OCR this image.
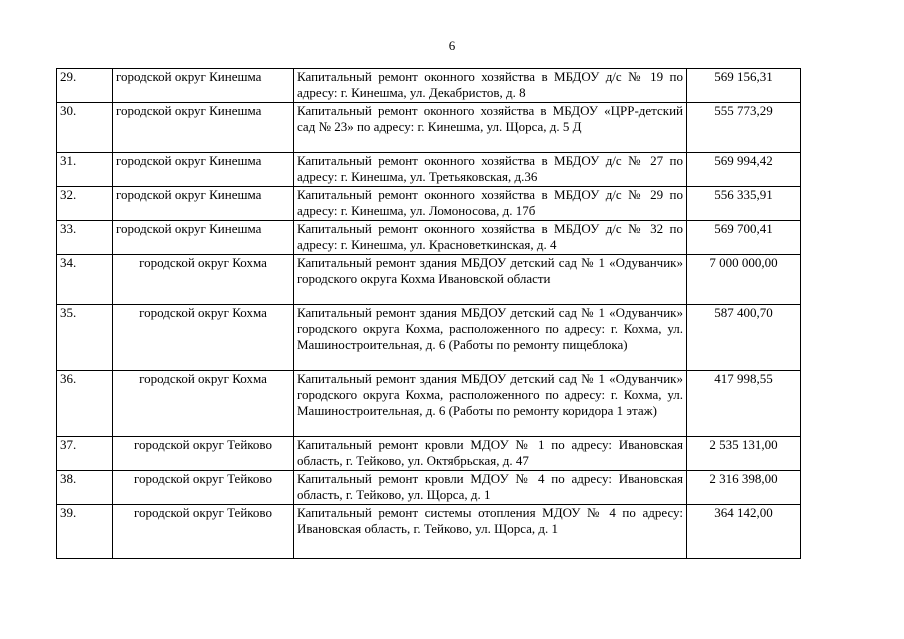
6
29.	городской округ Кинешма	Капитальный ремонт оконного хозяйства в МБДОУ д/с № 19 по адресу: г. Кинешма, ул. Декабристов, д. 8	569 156,31
30.	городской округ Кинешма	Капитальный ремонт оконного хозяйства в МБДОУ «ЦРР-детский сад № 23» по адресу: г. Кинешма, ул. Щорса, д. 5 Д	555 773,29
31.	городской округ Кинешма	Капитальный ремонт оконного хозяйства в МБДОУ д/с № 27 по адресу: г. Кинешма, ул. Третьяковская, д.36	569 994,42
32.	городской округ Кинешма	Капитальный ремонт оконного хозяйства в МБДОУ д/с № 29 по адресу: г. Кинешма, ул. Ломоносова, д. 17б	556 335,91
33.	городской округ Кинешма	Капитальный ремонт оконного хозяйства в МБДОУ д/с № 32 по адресу: г. Кинешма, ул. Красноветкинская, д. 4	569 700,41
34.	городской округ Кохма	Капитальный ремонт здания МБДОУ детский сад № 1 «Одуванчик» городского округа Кохма Ивановской области	7 000 000,00
35.	городской округ Кохма	Капитальный ремонт здания МБДОУ детский сад № 1 «Одуванчик» городского округа Кохма, расположенного по адресу: г. Кохма, ул. Машиностроительная, д. 6 (Работы по ремонту пищеблока)	587 400,70
36.	городской округ Кохма	Капитальный ремонт здания МБДОУ детский сад № 1 «Одуванчик» городского округа Кохма, расположенного по адресу: г. Кохма, ул. Машиностроительная, д. 6 (Работы по ремонту коридора 1 этаж)	417 998,55
37.	городской округ Тейково	Капитальный ремонт кровли МДОУ № 1 по адресу: Ивановская область, г. Тейково, ул. Октябрьская, д. 47	2 535 131,00
38.	городской округ Тейково	Капитальный ремонт кровли МДОУ № 4 по адресу: Ивановская область, г. Тейково, ул. Щорса, д. 1	2 316 398,00
39.	городской округ Тейково	Капитальный ремонт системы отопления МДОУ № 4 по адресу: Ивановская область, г. Тейково, ул. Щорса, д. 1	364 142,00
